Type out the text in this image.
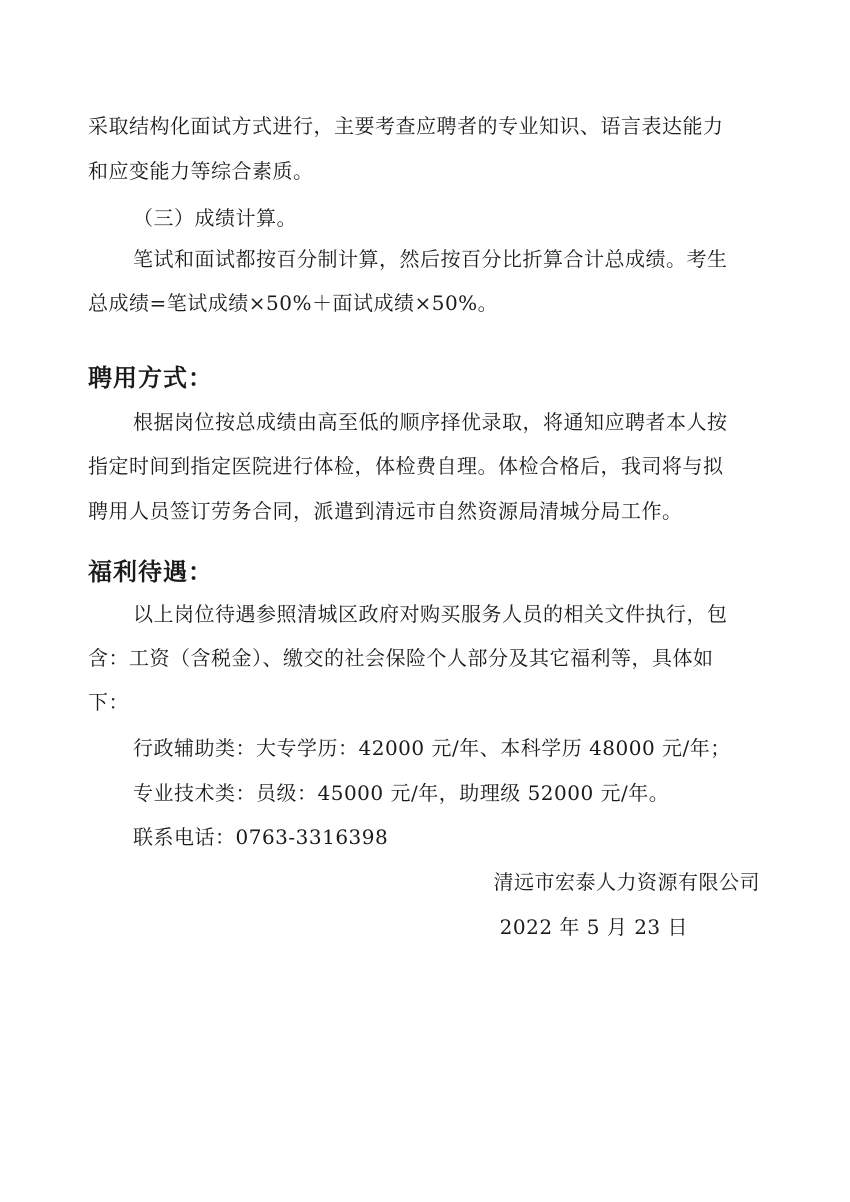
采取结构化面试方式进行，主要考查应聘者的专业知识、语言表达能力
和应变能力等综合素质。
（三）成绩计算。
笔试和面试都按百分制计算，然后按百分比折算合计总成绩。考生
总成绩=笔试成绩×50%＋面试成绩×50%。
聘用方式：
根据岗位按总成绩由高至低的顺序择优录取，将通知应聘者本人按
指定时间到指定医院进行体检，体检费自理。体检合格后，我司将与拟
聘用人员签订劳务合同，派遣到清远市自然资源局清城分局工作。
福利待遇：
以上岗位待遇参照清城区政府对购买服务人员的相关文件执行，包
含：工资（含税金）、缴交的社会保险个人部分及其它福利等，具体如
下：
行政辅助类：大专学历：42000 元/年、本科学历 48000 元/年；
专业技术类：员级：45000 元/年，助理级 52000 元/年。
联系电话：0763-3316398
清远市宏泰人力资源有限公司
2022 年 5 月 23 日
